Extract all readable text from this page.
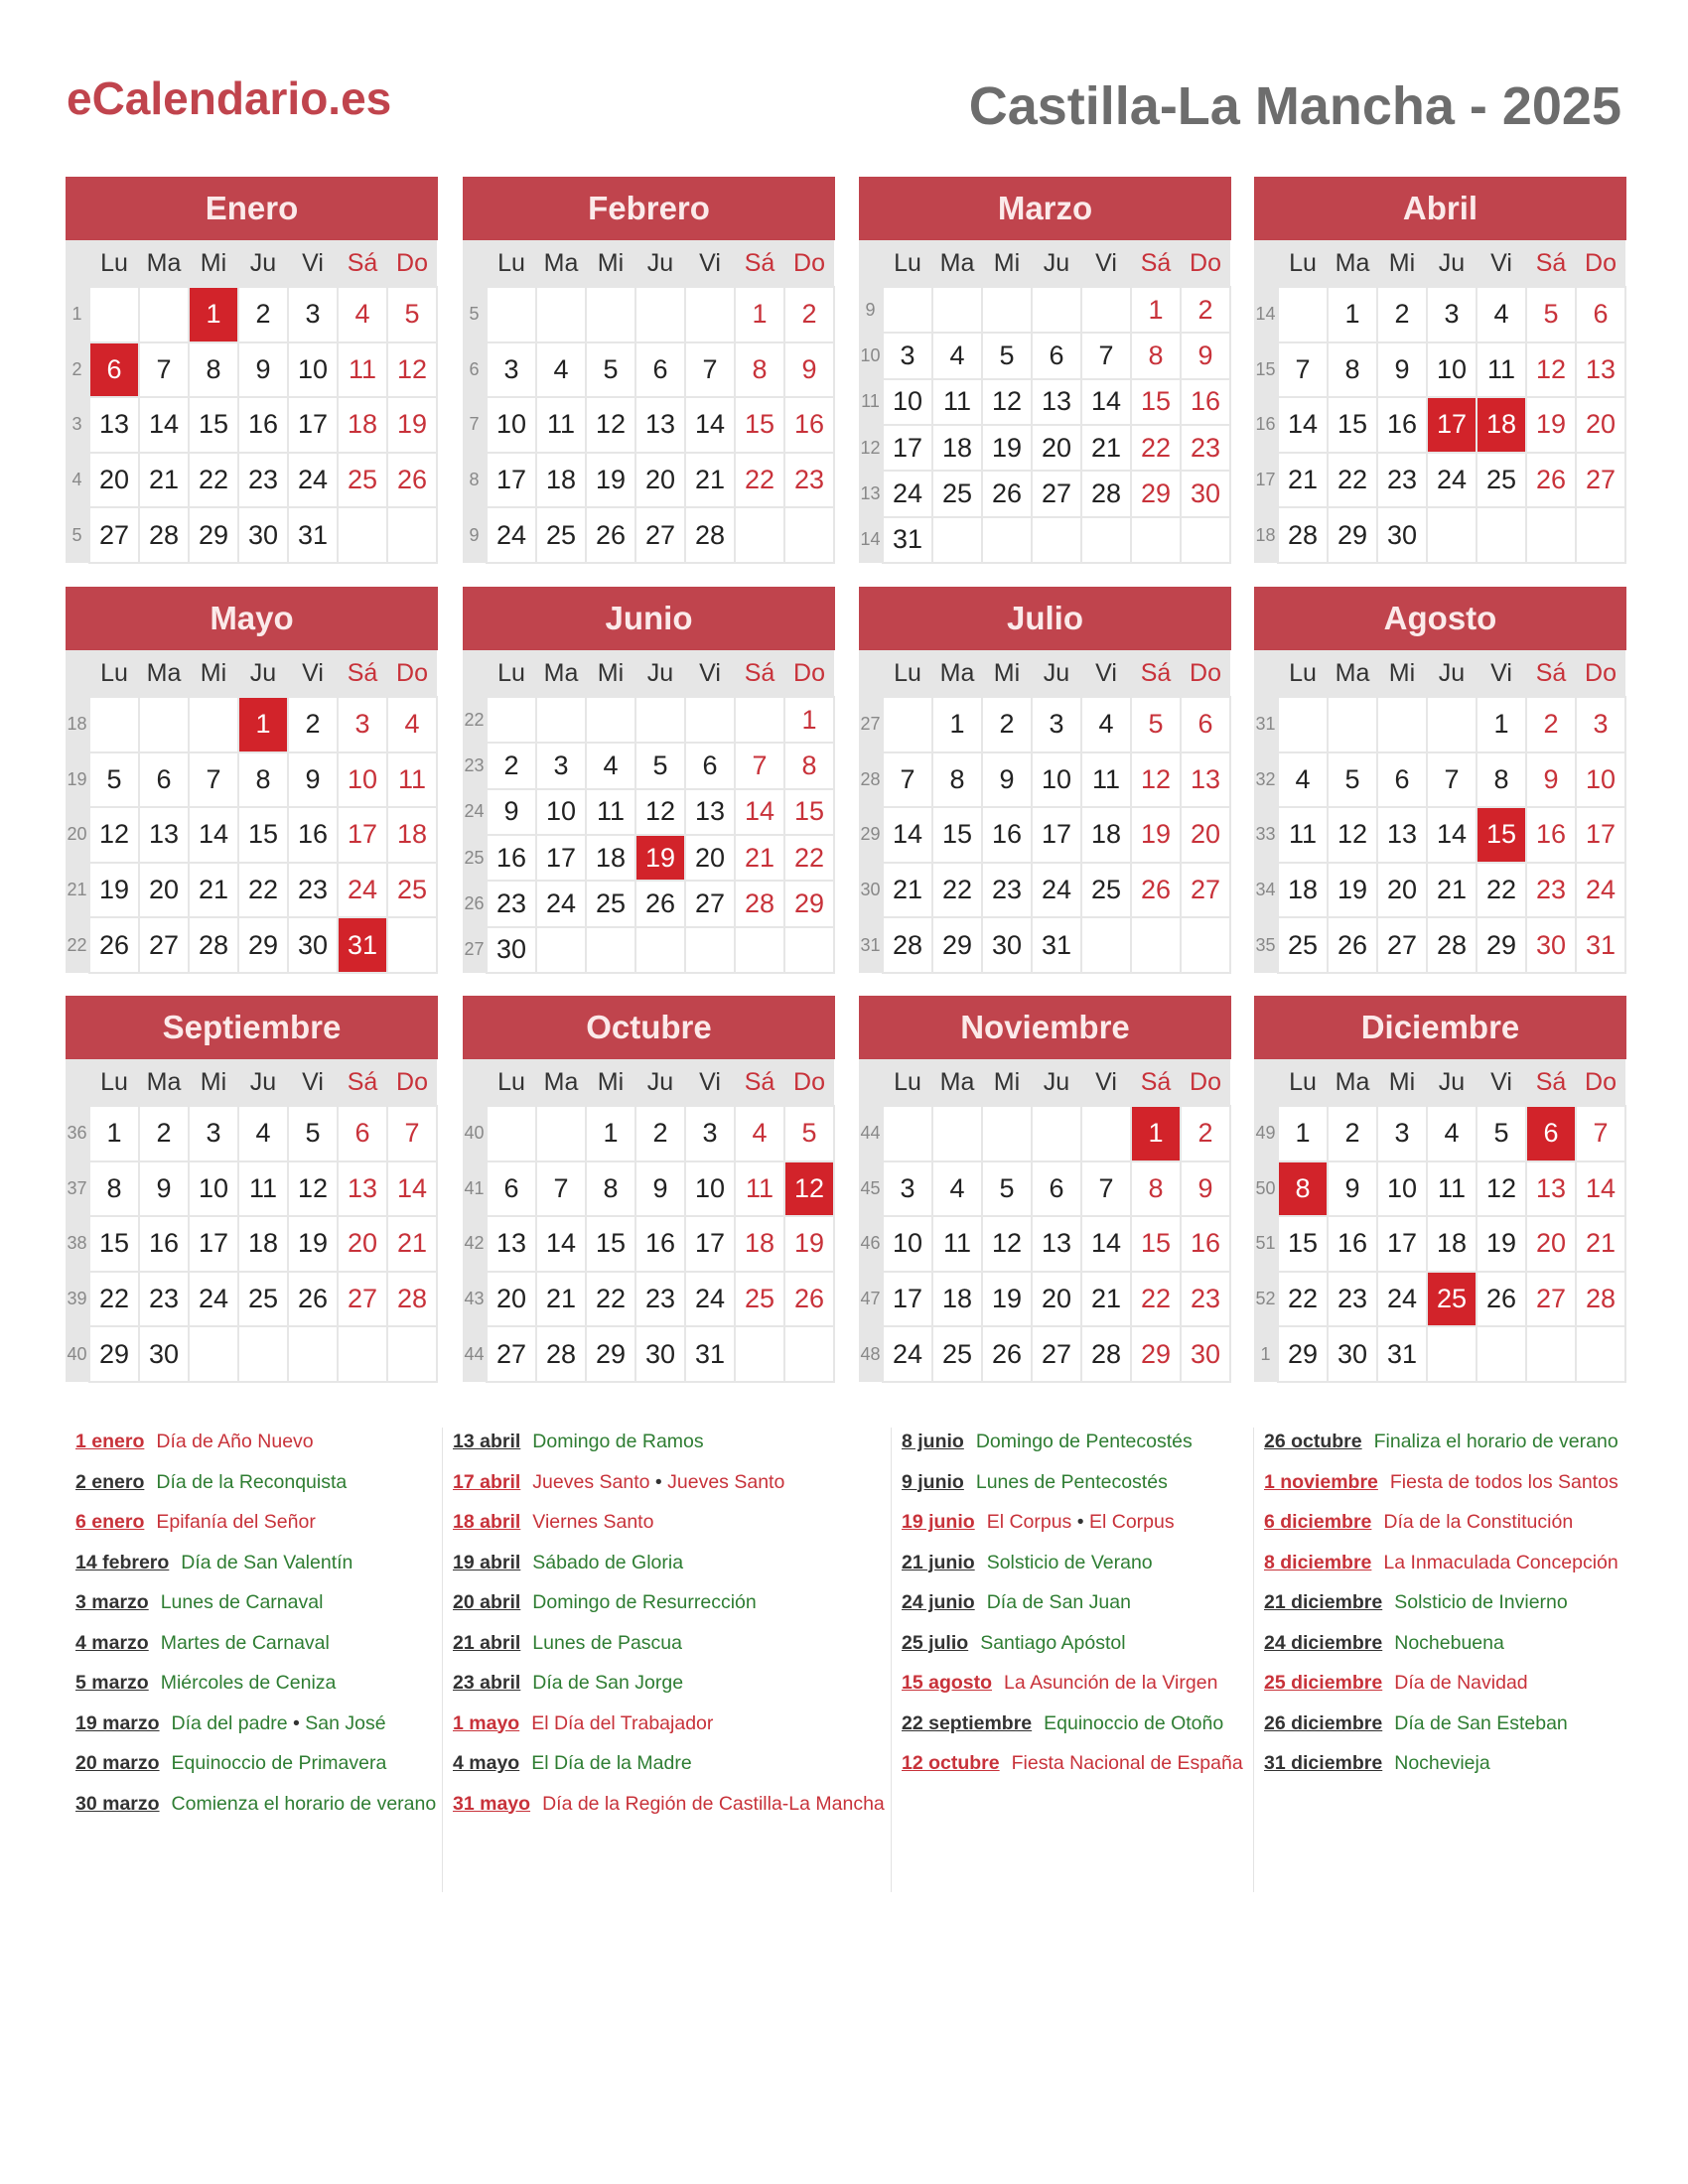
eCalendario.es	Castilla-La Mancha - 2025
Enero
	Lu	Ma	Mi	Ju	Vi	Sá	Do
1			1	2	3	4	5
2	6	7	8	9	10	11	12
3	13	14	15	16	17	18	19
4	20	21	22	23	24	25	26
5	27	28	29	30	31		
Febrero
	Lu	Ma	Mi	Ju	Vi	Sá	Do
5						1	2
6	3	4	5	6	7	8	9
7	10	11	12	13	14	15	16
8	17	18	19	20	21	22	23
9	24	25	26	27	28		
Marzo
	Lu	Ma	Mi	Ju	Vi	Sá	Do
9						1	2
10	3	4	5	6	7	8	9
11	10	11	12	13	14	15	16
12	17	18	19	20	21	22	23
13	24	25	26	27	28	29	30
14	31						
Abril
	Lu	Ma	Mi	Ju	Vi	Sá	Do
14		1	2	3	4	5	6
15	7	8	9	10	11	12	13
16	14	15	16	17	18	19	20
17	21	22	23	24	25	26	27
18	28	29	30				
Mayo
	Lu	Ma	Mi	Ju	Vi	Sá	Do
18				1	2	3	4
19	5	6	7	8	9	10	11
20	12	13	14	15	16	17	18
21	19	20	21	22	23	24	25
22	26	27	28	29	30	31	
Junio
	Lu	Ma	Mi	Ju	Vi	Sá	Do
22							1
23	2	3	4	5	6	7	8
24	9	10	11	12	13	14	15
25	16	17	18	19	20	21	22
26	23	24	25	26	27	28	29
27	30						
Julio
	Lu	Ma	Mi	Ju	Vi	Sá	Do
27		1	2	3	4	5	6
28	7	8	9	10	11	12	13
29	14	15	16	17	18	19	20
30	21	22	23	24	25	26	27
31	28	29	30	31			
Agosto
	Lu	Ma	Mi	Ju	Vi	Sá	Do
31					1	2	3
32	4	5	6	7	8	9	10
33	11	12	13	14	15	16	17
34	18	19	20	21	22	23	24
35	25	26	27	28	29	30	31
Septiembre
	Lu	Ma	Mi	Ju	Vi	Sá	Do
36	1	2	3	4	5	6	7
37	8	9	10	11	12	13	14
38	15	16	17	18	19	20	21
39	22	23	24	25	26	27	28
40	29	30					
Octubre
	Lu	Ma	Mi	Ju	Vi	Sá	Do
40			1	2	3	4	5
41	6	7	8	9	10	11	12
42	13	14	15	16	17	18	19
43	20	21	22	23	24	25	26
44	27	28	29	30	31		
Noviembre
	Lu	Ma	Mi	Ju	Vi	Sá	Do
44						1	2
45	3	4	5	6	7	8	9
46	10	11	12	13	14	15	16
47	17	18	19	20	21	22	23
48	24	25	26	27	28	29	30
Diciembre
	Lu	Ma	Mi	Ju	Vi	Sá	Do
49	1	2	3	4	5	6	7
50	8	9	10	11	12	13	14
51	15	16	17	18	19	20	21
52	22	23	24	25	26	27	28
1	29	30	31				
1 enero Día de Año Nuevo
2 enero Día de la Reconquista
6 enero Epifanía del Señor
14 febrero Día de San Valentín
3 marzo Lunes de Carnaval
4 marzo Martes de Carnaval
5 marzo Miércoles de Ceniza
19 marzo Día del padre • San José
20 marzo Equinoccio de Primavera
30 marzo Comienza el horario de verano
13 abril Domingo de Ramos
17 abril Jueves Santo • Jueves Santo
18 abril Viernes Santo
19 abril Sábado de Gloria
20 abril Domingo de Resurrección
21 abril Lunes de Pascua
23 abril Día de San Jorge
1 mayo El Día del Trabajador
4 mayo El Día de la Madre
31 mayo Día de la Región de Castilla-La Mancha
8 junio Domingo de Pentecostés
9 junio Lunes de Pentecostés
19 junio El Corpus • El Corpus
21 junio Solsticio de Verano
24 junio Día de San Juan
25 julio Santiago Apóstol
15 agosto La Asunción de la Virgen
22 septiembre Equinoccio de Otoño
12 octubre Fiesta Nacional de España
26 octubre Finaliza el horario de verano
1 noviembre Fiesta de todos los Santos
6 diciembre Día de la Constitución
8 diciembre La Inmaculada Concepción
21 diciembre Solsticio de Invierno
24 diciembre Nochebuena
25 diciembre Día de Navidad
26 diciembre Día de San Esteban
31 diciembre Nochevieja
